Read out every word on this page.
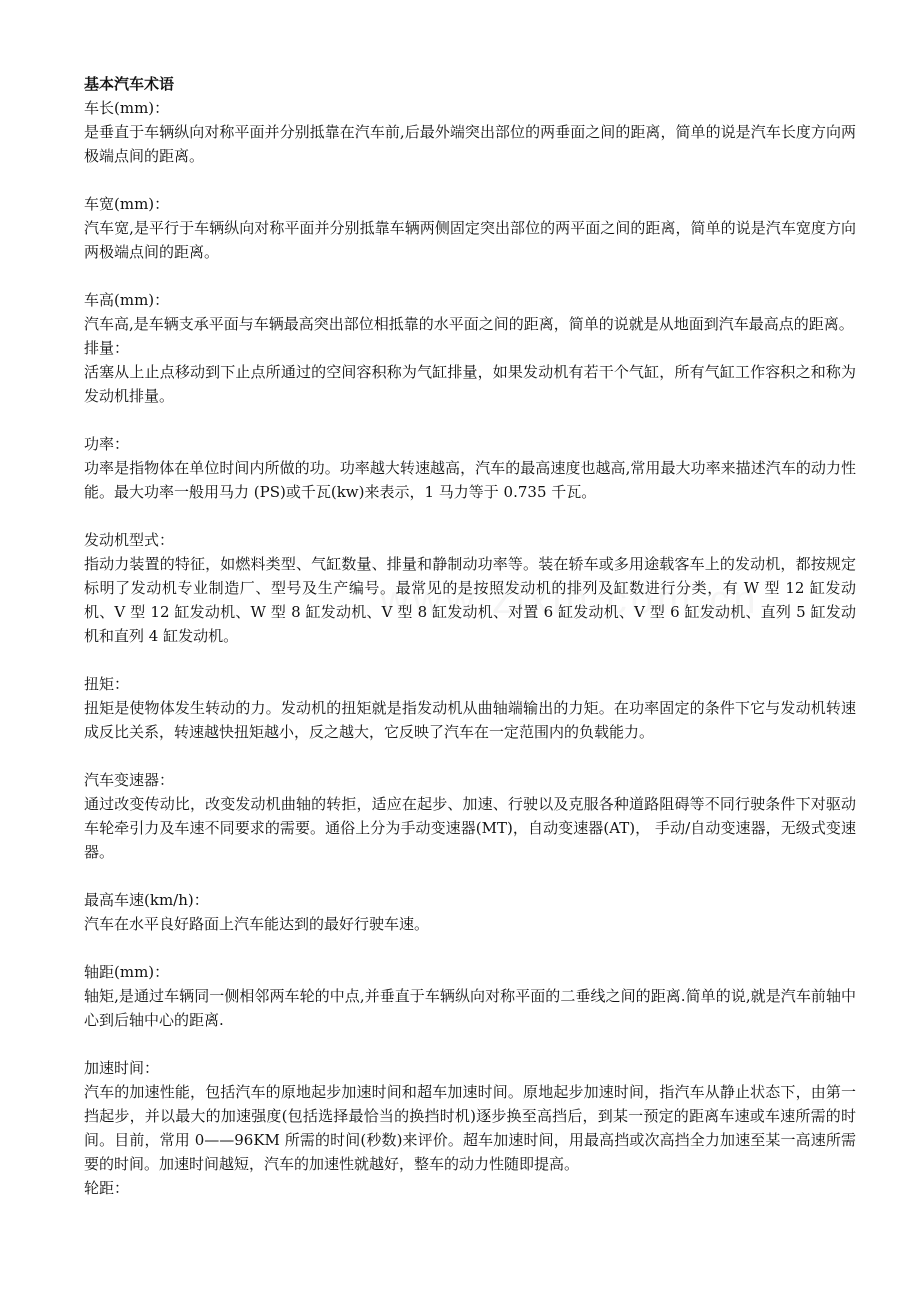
基本汽车术语

车长(mm)：
是垂直于车辆纵向对称平面并分别抵靠在汽车前,后最外端突出部位的两垂面之间的距离，简单的说是汽车长度方向两极端点间的距离。
车宽(mm)：
汽车宽,是平行于车辆纵向对称平面并分别抵靠车辆两侧固定突出部位的两平面之间的距离，简单的说是汽车宽度方向两极端点间的距离。
车高(mm)：
汽车高,是车辆支承平面与车辆最高突出部位相抵靠的水平面之间的距离，简单的说就是从地面到汽车最高点的距离。
排量：
活塞从上止点移动到下止点所通过的空间容积称为气缸排量，如果发动机有若干个气缸，所有气缸工作容积之和称为发动机排量。
功率：
功率是指物体在单位时间内所做的功。功率越大转速越高，汽车的最高速度也越高,常用最大功率来描述汽车的动力性能。最大功率一般用马力 (PS)或千瓦(kw)来表示，1 马力等于 0.735 千瓦。
发动机型式：
指动力装置的特征，如燃料类型、气缸数量、排量和静制动功率等。装在轿车或多用途载客车上的发动机，都按规定标明了发动机专业制造厂、型号及生产编号。最常见的是按照发动机的排列及缸数进行分类，有 W 型 12 缸发动机、V 型 12 缸发动机、W 型 8 缸发动机、V 型 8 缸发动机、对置 6 缸发动机、V 型 6 缸发动机、直列 5 缸发动机和直列 4 缸发动机。
扭矩：
扭矩是使物体发生转动的力。发动机的扭矩就是指发动机从曲轴端输出的力矩。在功率固定的条件下它与发动机转速成反比关系，转速越快扭矩越小，反之越大，它反映了汽车在一定范围内的负载能力。
汽车变速器：
通过改变传动比，改变发动机曲轴的转拒，适应在起步、加速、行驶以及克服各种道路阻碍等不同行驶条件下对驱动车轮牵引力及车速不同要求的需要。通俗上分为手动变速器(MT)，自动变速器(AT)， 手动/自动变速器，无级式变速器。
最高车速(km/h)：
汽车在水平良好路面上汽车能达到的最好行驶车速。
轴距(mm)：
轴矩,是通过车辆同一侧相邻两车轮的中点,并垂直于车辆纵向对称平面的二垂线之间的距离.简单的说,就是汽车前轴中心到后轴中心的距离.
加速时间：
汽车的加速性能，包括汽车的原地起步加速时间和超车加速时间。原地起步加速时间，指汽车从静止状态下，由第一挡起步，并以最大的加速强度(包括选择最恰当的换挡时机)逐步换至高挡后，到某一预定的距离车速或车速所需的时间。目前，常用 0——96KM 所需的时间(秒数)来评价。超车加速时间，用最高挡或次高挡全力加速至某一高速所需要的时间。加速时间越短，汽车的加速性就越好，整车的动力性随即提高。
轮距：
